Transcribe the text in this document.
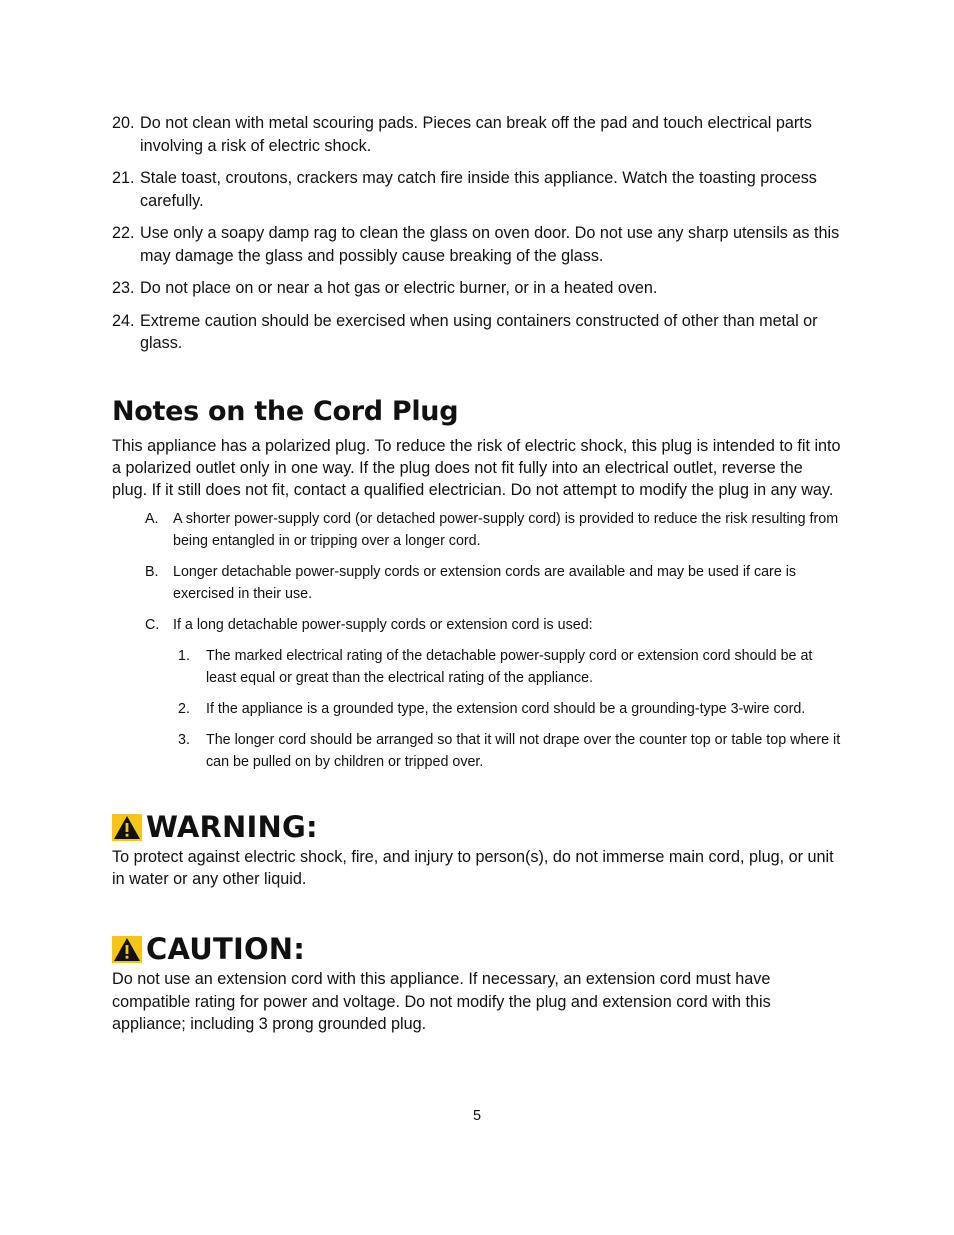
20. Do not clean with metal scouring pads. Pieces can break off the pad and touch electrical parts involving a risk of electric shock.
21. Stale toast, croutons, crackers may catch fire inside this appliance. Watch the toasting process carefully.
22. Use only a soapy damp rag to clean the glass on oven door. Do not use any sharp utensils as this may damage the glass and possibly cause breaking of the glass.
23. Do not place on or near a hot gas or electric burner, or in a heated oven.
24. Extreme caution should be exercised when using containers constructed of other than metal or glass.
Notes on the Cord Plug

This appliance has a polarized plug. To reduce the risk of electric shock, this plug is intended to fit into a polarized outlet only in one way. If the plug does not fit fully into an electrical outlet, reverse the plug. If it still does not fit, contact a qualified electrician. Do not attempt to modify the plug in any way.

A. A shorter power-supply cord (or detached power-supply cord) is provided to reduce the risk resulting from being entangled in or tripping over a longer cord.
B. Longer detachable power-supply cords or extension cords are available and may be used if care is exercised in their use.
C. If a long detachable power-supply cords or extension cord is used:
1. The marked electrical rating of the detachable power-supply cord or extension cord should be at least equal or great than the electrical rating of the appliance.
2. If the appliance is a grounded type, the extension cord should be a grounding-type 3-wire cord.
3. The longer cord should be arranged so that it will not drape over the counter top or table top where it can be pulled on by children or tripped over.
WARNING:

To protect against electric shock, fire, and injury to person(s), do not immerse main cord, plug, or unit in water or any other liquid.

CAUTION:

Do not use an extension cord with this appliance. If necessary, an extension cord must have compatible rating for power and voltage. Do not modify the plug and extension cord with this appliance; including 3 prong grounded plug.

5
